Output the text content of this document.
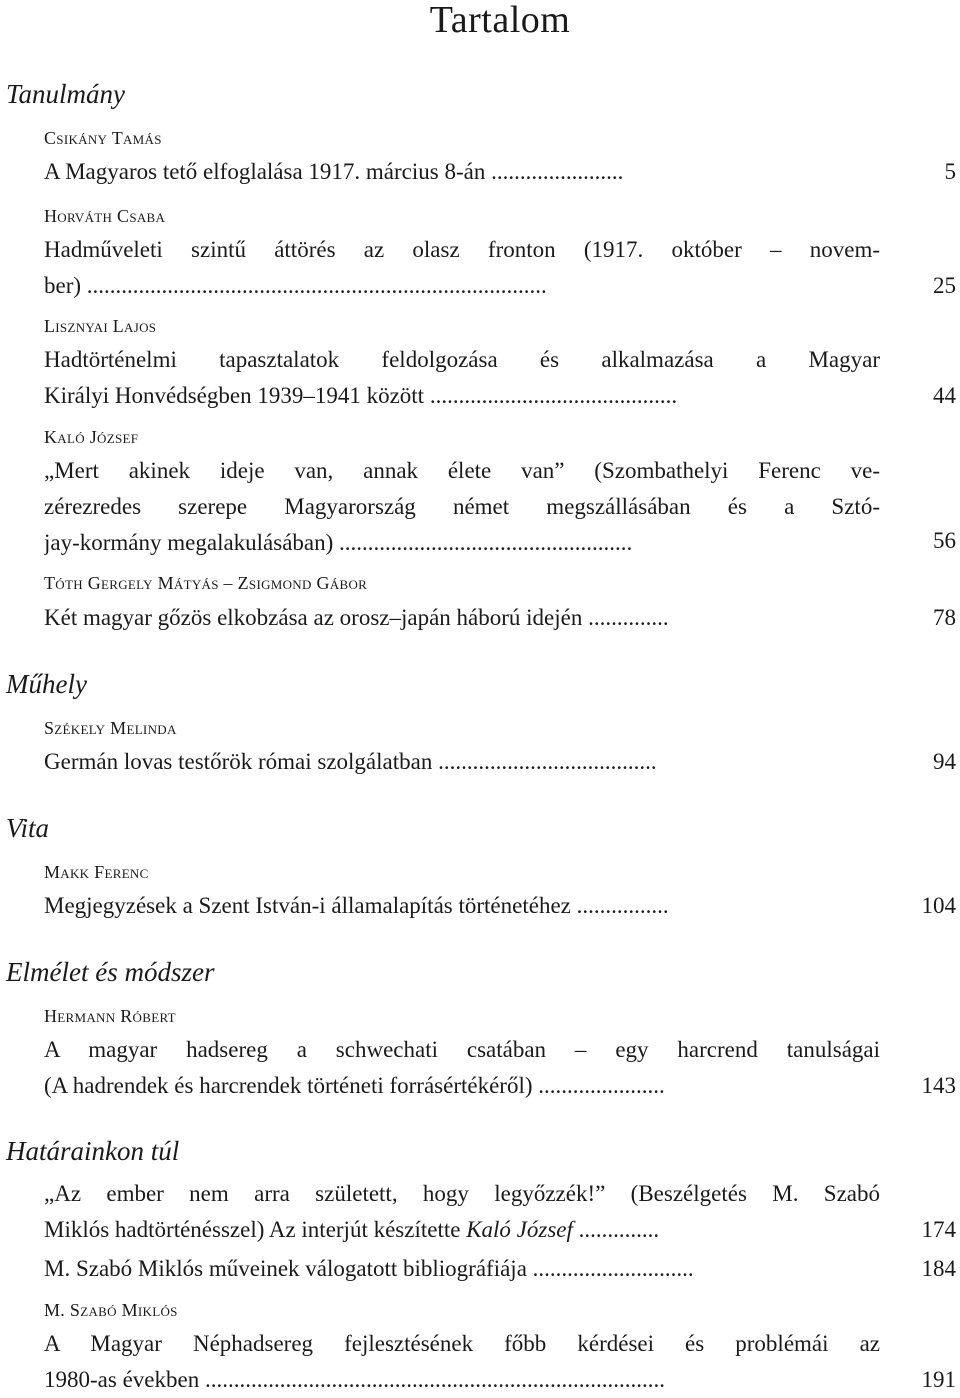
Tartalom
Tanulmány
Csikány Tamás
A Magyaros tető elfoglalása 1917. március 8-án .......................	5
Horváth Csaba
Hadműveleti szintű áttörés az olasz fronton (1917. október – novem-
ber) ................................................................................	25
Lisznyai Lajos
Hadtörténelmi tapasztalatok feldolgozása és alkalmazása a Magyar
Királyi Honvédségben 1939–1941 között ...........................................	44
Kaló József
„Mert akinek ideje van, annak élete van” (Szombathelyi Ferenc ve-
zérezredes szerepe Magyarország német megszállásában és a Sztó-
jay-kormány megalakulásában) ...................................................	56
Tóth Gergely Mátyás – Zsigmond Gábor
Két magyar gőzös elkobzása az orosz–japán háború idején ..............	78
Műhely
Székely Melinda
Germán lovas testőrök római szolgálatban ......................................	94
Vita
Makk Ferenc
Megjegyzések a Szent István-i államalapítás történetéhez ................	104
Elmélet és módszer
Hermann Róbert
A magyar hadsereg a schwechati csatában – egy harcrend tanulságai
(A hadrendek és harcrendek történeti forrásértékéről) ......................	143
Határainkon túl
„Az ember nem arra született, hogy legyőzzék!” (Beszélgetés M. Szabó
Miklós hadtörténésszel) Az interjút készítette Kaló József ..............	174
M. Szabó Miklós műveinek válogatott bibliográfiája ............................	184
M. Szabó Miklós
A Magyar Néphadsereg fejlesztésének főbb kérdései és problémái az
1980-as években ................................................................................	191
